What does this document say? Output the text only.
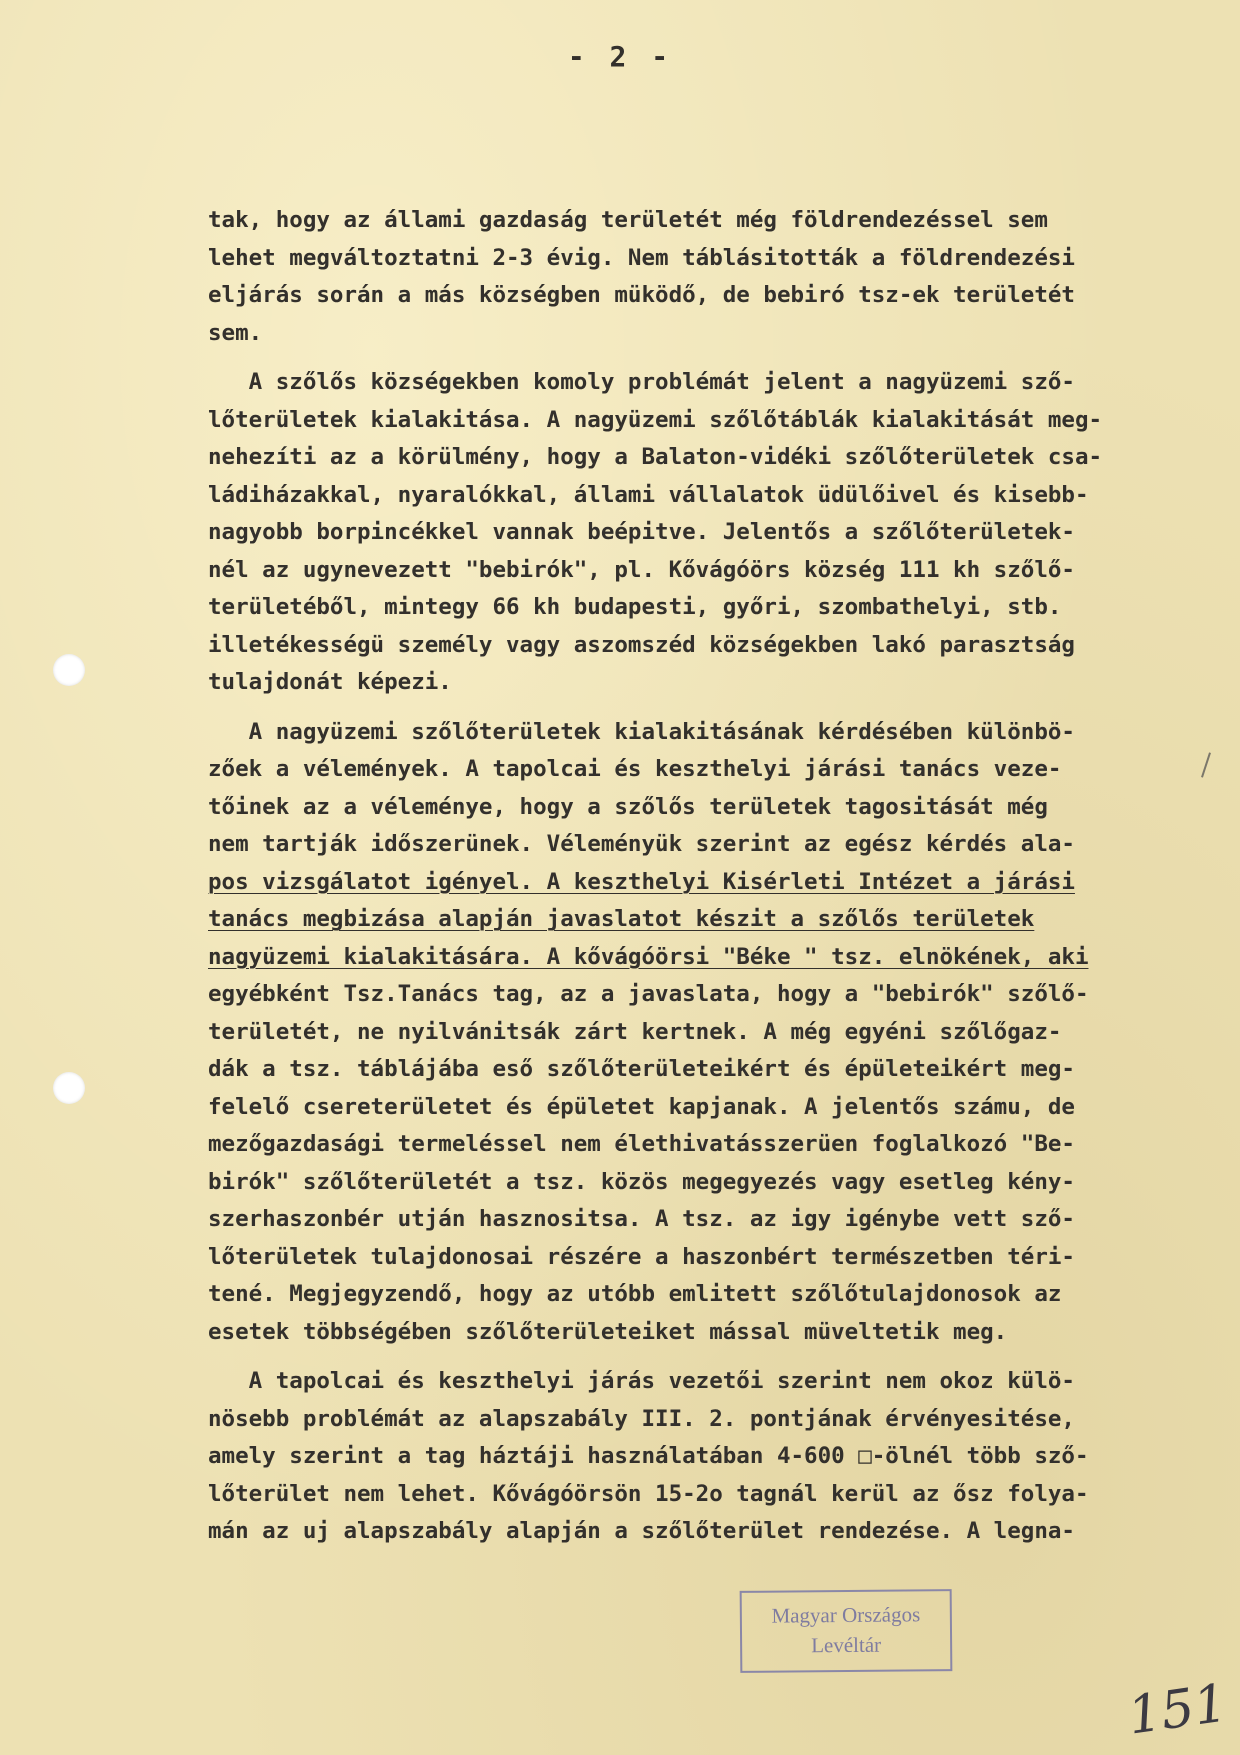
- 2 -
tak, hogy az állami gazdaság területét még földrendezéssel sem
lehet megváltoztatni 2-3 évig. Nem táblásitották a földrendezési
eljárás során a más községben müködő, de bebiró tsz-ek területét
sem.
A szőlős községekben komoly problémát jelent a nagyüzemi sző-
lőterületek kialakitása. A nagyüzemi szőlőtáblák kialakitását meg-
nehezíti az a körülmény, hogy a Balaton-vidéki szőlőterületek csa-
ládiházakkal, nyaralókkal, állami vállalatok üdülőivel és kisebb-
nagyobb borpincékkel vannak beépitve. Jelentős a szőlőterületek-
nél az ugynevezett "bebirók", pl. Kővágóörs község 111 kh szőlő-
területéből, mintegy 66 kh budapesti, győri, szombathelyi, stb.
illetékességü személy vagy aszomszéd községekben lakó parasztság
tulajdonát képezi.
A nagyüzemi szőlőterületek kialakitásának kérdésében különbö-
zőek a vélemények. A tapolcai és keszthelyi járási tanács veze-
tőinek az a véleménye, hogy a szőlős területek tagositását még
nem tartják időszerünek. Véleményük szerint az egész kérdés ala-
pos vizsgálatot igényel. A keszthelyi Kisérleti Intézet a járási
tanács megbizása alapján javaslatot készit a szőlős területek
nagyüzemi kialakitására. A kővágóörsi "Béke " tsz. elnökének, aki
egyébként Tsz.Tanács tag, az a javaslata, hogy a "bebirók" szőlő-
területét, ne nyilvánitsák zárt kertnek. A még egyéni szőlőgaz-
dák a tsz. táblájába eső szőlőterületeikért és épületeikért meg-
felelő csereterületet és épületet kapjanak. A jelentős számu, de
mezőgazdasági termeléssel nem élethivatásszerüen foglalkozó "Be-
birók" szőlőterületét a tsz. közös megegyezés vagy esetleg kény-
szerhaszonbér utján hasznositsa. A tsz. az igy igénybe vett sző-
lőterületek tulajdonosai részére a haszonbért természetben téri-
tené. Megjegyzendő, hogy az utóbb emlitett szőlőtulajdonosok az
esetek többségében szőlőterületeiket mással müveltetik meg.
A tapolcai és keszthelyi járás vezetői szerint nem okoz külö-
nösebb problémát az alapszabály III. 2. pontjának érvényesitése,
amely szerint a tag háztáji használatában 4-600 □-ölnél több sző-
lőterület nem lehet. Kővágóörsön 15-2o tagnál kerül az ősz folya-
mán az uj alapszabály alapján a szőlőterület rendezése. A legna-
Magyar Országos
Levéltár
151
